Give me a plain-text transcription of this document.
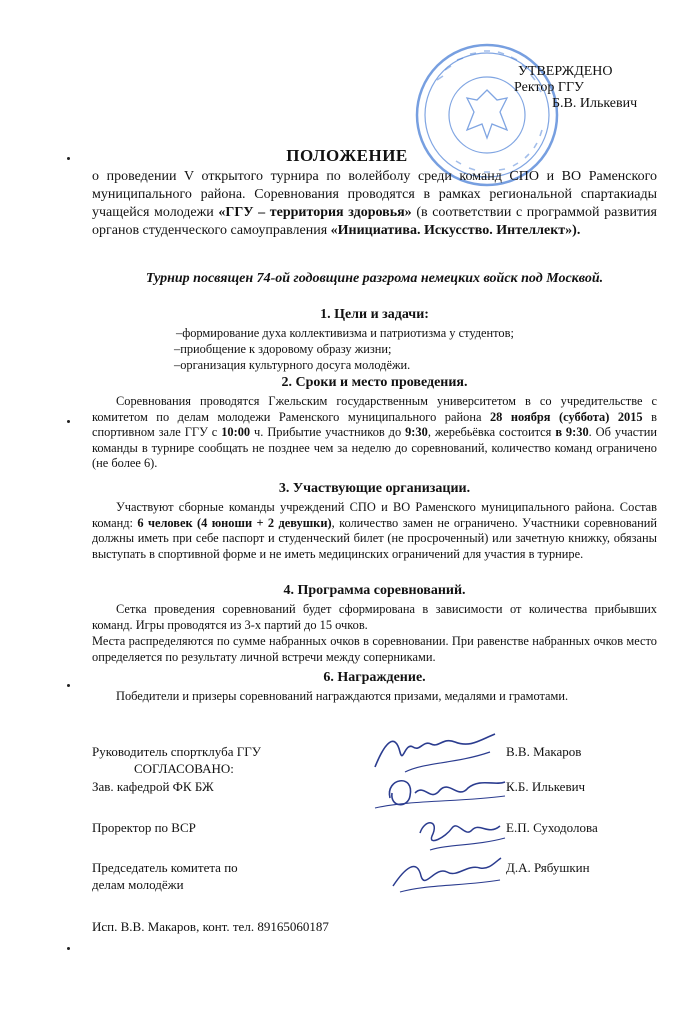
УТВЕРЖДЕНО
Ректор ГГУ
Б.В. Илькевич
ПОЛОЖЕНИЕ
о проведении V открытого турнира по волейболу среди команд СПО и ВО Раменского муниципального района. Соревнования проводятся в рамках региональной спартакиады учащейся молодежи «ГГУ – территория здоровья» (в соответствии с программой развития органов студенческого самоуправления «Инициатива. Искусство. Интеллект»).
Турнир посвящен 74-ой годовщине разгрома немецких войск под Москвой.
1. Цели и задачи:
–формирование духа коллективизма и патриотизма у студентов;
–приобщение к здоровому образу жизни;
–организация культурного досуга молодёжи.
2. Сроки и место проведения.
Соревнования проводятся Гжельским государственным университетом в со учредительстве с комитетом по делам молодежи Раменского муниципального района 28 ноября (суббота) 2015 в спортивном зале ГГУ с 10:00 ч. Прибытие участников до 9:30, жеребьёвка состоится в 9:30. Об участии команды в турнире сообщать не позднее чем за неделю до соревнований, количество команд ограничено (не более 6).
3. Участвующие организации.
Участвуют сборные команды учреждений СПО и ВО Раменского муниципального района. Состав команд: 6 человек (4 юноши + 2 девушки), количество замен не ограничено. Участники соревнований должны иметь при себе паспорт и студенческий билет (не просроченный) или зачетную книжку, обязаны выступать в спортивной форме и не иметь медицинских ограничений для участия в турнире.
4. Программа соревнований.
Сетка проведения соревнований будет сформирована в зависимости от количества прибывших команд. Игры проводятся из 3-х партий до 15 очков.
Места распределяются по сумме набранных очков в соревновании. При равенстве набранных очков место определяется по результату личной встречи между соперниками.
6. Награждение.
Победители и призеры соревнований награждаются призами, медалями и грамотами.
Руководитель спортклуба ГГУ	В.В. Макаров
СОГЛАСОВАНО:
Зав. кафедрой ФК БЖ	К.Б. Илькевич
Проректор по ВСР	Е.П. Суходолова
Председатель комитета по
делам молодёжи
Д.А. Рябушкин
Исп. В.В. Макаров, конт. тел. 89165060187
